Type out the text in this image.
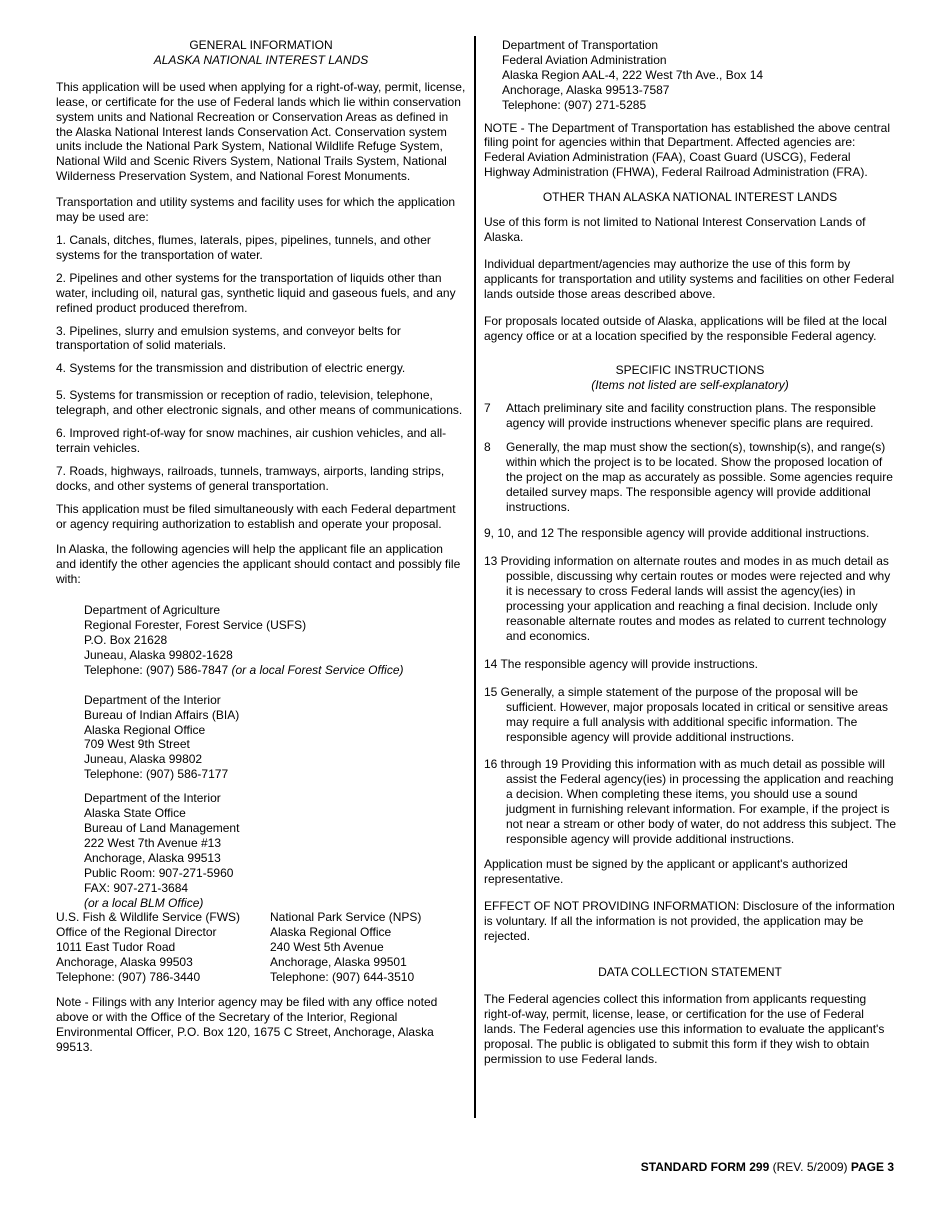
GENERAL INFORMATION
ALASKA NATIONAL INTEREST LANDS

This application will be used when applying for a right-of-way, permit, license, lease, or certificate for the use of Federal lands which lie within conservation system units and National Recreation or Conservation Areas as defined in the Alaska National Interest lands Conservation Act. Conservation system units include the National Park System, National Wildlife Refuge System, National Wild and Scenic Rivers System, National Trails System, National Wilderness Preservation System, and National Forest Monuments.

Transportation and utility systems and facility uses for which the application may be used are:

1. Canals, ditches, flumes, laterals, pipes, pipelines, tunnels, and other systems for the transportation of water.

2. Pipelines and other systems for the transportation of liquids other than water, including oil, natural gas, synthetic liquid and gaseous fuels, and any refined product produced therefrom.

3. Pipelines, slurry and emulsion systems, and conveyor belts for transportation of solid materials.

4. Systems for the transmission and distribution of electric energy.

5. Systems for transmission or reception of radio, television, telephone, telegraph, and other electronic signals, and other means of communications.

6. Improved right-of-way for snow machines, air cushion vehicles, and all-terrain vehicles.

7. Roads, highways, railroads, tunnels, tramways, airports, landing strips, docks, and other systems of general transportation.

This application must be filed simultaneously with each Federal department or agency requiring authorization to establish and operate your proposal.

In Alaska, the following agencies will help the applicant file an application and identify the other agencies the applicant should contact and possibly file with:

Department of Agriculture
Regional Forester, Forest Service (USFS)
P.O. Box 21628
Juneau, Alaska 99802-1628
Telephone: (907) 586-7847 (or a local Forest Service Office)
Department of the Interior
Bureau of Indian Affairs (BIA)
Alaska Regional Office
709 West 9th Street
Juneau, Alaska 99802
Telephone: (907) 586-7177
Department of the Interior
Alaska State Office
Bureau of Land Management
222 West 7th Avenue #13
Anchorage, Alaska 99513
Public Room: 907-271-5960
FAX: 907-271-3684
(or a local BLM Office)
U.S. Fish & Wildlife Service (FWS)
Office of the Regional Director
1011 East Tudor Road
Anchorage, Alaska 99503
Telephone: (907) 786-3440
National Park Service (NPS)
Alaska Regional Office
240 West 5th Avenue
Anchorage, Alaska 99501
Telephone: (907) 644-3510

Note - Filings with any Interior agency may be filed with any office noted above or with the Office of the Secretary of the Interior, Regional Environmental Officer, P.O. Box 120, 1675 C Street, Anchorage, Alaska 99513.

Department of Transportation
Federal Aviation Administration
Alaska Region AAL-4, 222 West 7th Ave., Box 14
Anchorage, Alaska 99513-7587
Telephone: (907) 271-5285

NOTE - The Department of Transportation has established the above central filing point for agencies within that Department. Affected agencies are: Federal Aviation Administration (FAA), Coast Guard (USCG), Federal Highway Administration (FHWA), Federal Railroad Administration (FRA).

OTHER THAN ALASKA NATIONAL INTEREST LANDS

Use of this form is not limited to National Interest Conservation Lands of Alaska.

Individual department/agencies may authorize the use of this form by applicants for transportation and utility systems and facilities on other Federal lands outside those areas described above.

For proposals located outside of Alaska, applications will be filed at the local agency office or at a location specified by the responsible Federal agency.

SPECIFIC INSTRUCTIONS
(Items not listed are self-explanatory)
7	Attach preliminary site and facility construction plans. The responsible agency will provide instructions whenever specific plans are required.
8	Generally, the map must show the section(s), township(s), and range(s) within which the project is to be located. Show the proposed location of the project on the map as accurately as possible. Some agencies require detailed survey maps. The responsible agency will provide additional instructions.

9, 10, and 12 The responsible agency will provide additional instructions.

13 Providing information on alternate routes and modes in as much detail as possible, discussing why certain routes or modes were rejected and why it is necessary to cross Federal lands will assist the agency(ies) in processing your application and reaching a final decision. Include only reasonable alternate routes and modes as related to current technology and economics.

14 The responsible agency will provide instructions.

15 Generally, a simple statement of the purpose of the proposal will be sufficient. However, major proposals located in critical or sensitive areas may require a full analysis with additional specific information. The responsible agency will provide additional instructions.

16 through 19 Providing this information with as much detail as possible will assist the Federal agency(ies) in processing the application and reaching a decision. When completing these items, you should use a sound judgment in furnishing relevant information. For example, if the project is not near a stream or other body of water, do not address this subject. The responsible agency will provide additional instructions.

Application must be signed by the applicant or applicant's authorized representative.

EFFECT OF NOT PROVIDING INFORMATION: Disclosure of the information is voluntary. If all the information is not provided, the application may be rejected.

DATA COLLECTION STATEMENT

The Federal agencies collect this information from applicants requesting right-of-way, permit, license, lease, or certification for the use of Federal lands. The Federal agencies use this information to evaluate the applicant's proposal. The public is obligated to submit this form if they wish to obtain permission to use Federal lands.

STANDARD FORM 299 (REV. 5/2009) PAGE 3
